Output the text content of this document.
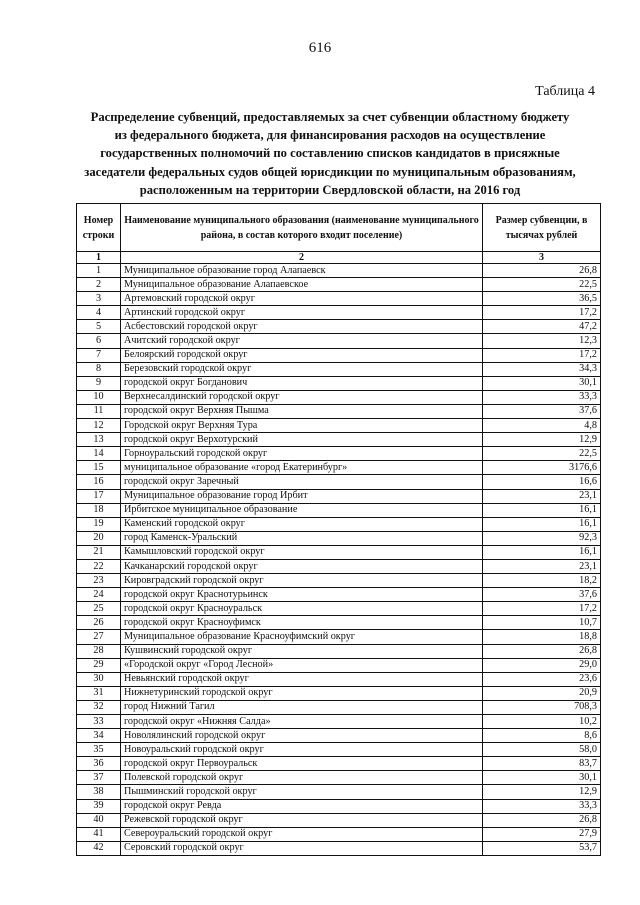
616
Таблица 4
Распределение субвенций, предоставляемых за счет субвенции областному бюджету
из федерального бюджета, для финансирования расходов на осуществление
государственных полномочий по составлению списков кандидатов в присяжные
заседатели федеральных судов общей юрисдикции по муниципальным образованиям,
расположенным на территории Свердловской области, на 2016 год
Номер строки	Наименование муниципального образования (наименование муниципального района, в состав которого входит поселение)	Размер субвенции, в тысячах рублей
1	2	3
1	Муниципальное образование город Алапаевск	26,8
2	Муниципальное образование Алапаевское	22,5
3	Артемовский городской округ	36,5
4	Артинский городской округ	17,2
5	Асбестовский городской округ	47,2
6	Ачитский городской округ	12,3
7	Белоярский городской округ	17,2
8	Березовский городской округ	34,3
9	городской округ Богданович	30,1
10	Верхнесалдинский городской округ	33,3
11	городской округ Верхняя Пышма	37,6
12	Городской округ Верхняя Тура	4,8
13	городской округ Верхотурский	12,9
14	Горноуральский городской округ	22,5
15	муниципальное образование «город Екатеринбург»	3176,6
16	городской округ Заречный	16,6
17	Муниципальное образование город Ирбит	23,1
18	Ирбитское муниципальное образование	16,1
19	Каменский городской округ	16,1
20	город Каменск-Уральский	92,3
21	Камышловский городской округ	16,1
22	Качканарский городской округ	23,1
23	Кировградский городской округ	18,2
24	городской округ Краснотурьинск	37,6
25	городской округ Красноуральск	17,2
26	городской округ Красноуфимск	10,7
27	Муниципальное образование Красноуфимский округ	18,8
28	Кушвинский городской округ	26,8
29	«Городской округ «Город Лесной»	29,0
30	Невьянский городской округ	23,6
31	Нижнетуринский городской округ	20,9
32	город Нижний Тагил	708,3
33	городской округ «Нижняя Салда»	10,2
34	Новолялинский городской округ	8,6
35	Новоуральский городской округ	58,0
36	городской округ Первоуральск	83,7
37	Полевской городской округ	30,1
38	Пышминский городской округ	12,9
39	городской округ Ревда	33,3
40	Режевской городской округ	26,8
41	Североуральский городской округ	27,9
42	Серовский городской округ	53,7
